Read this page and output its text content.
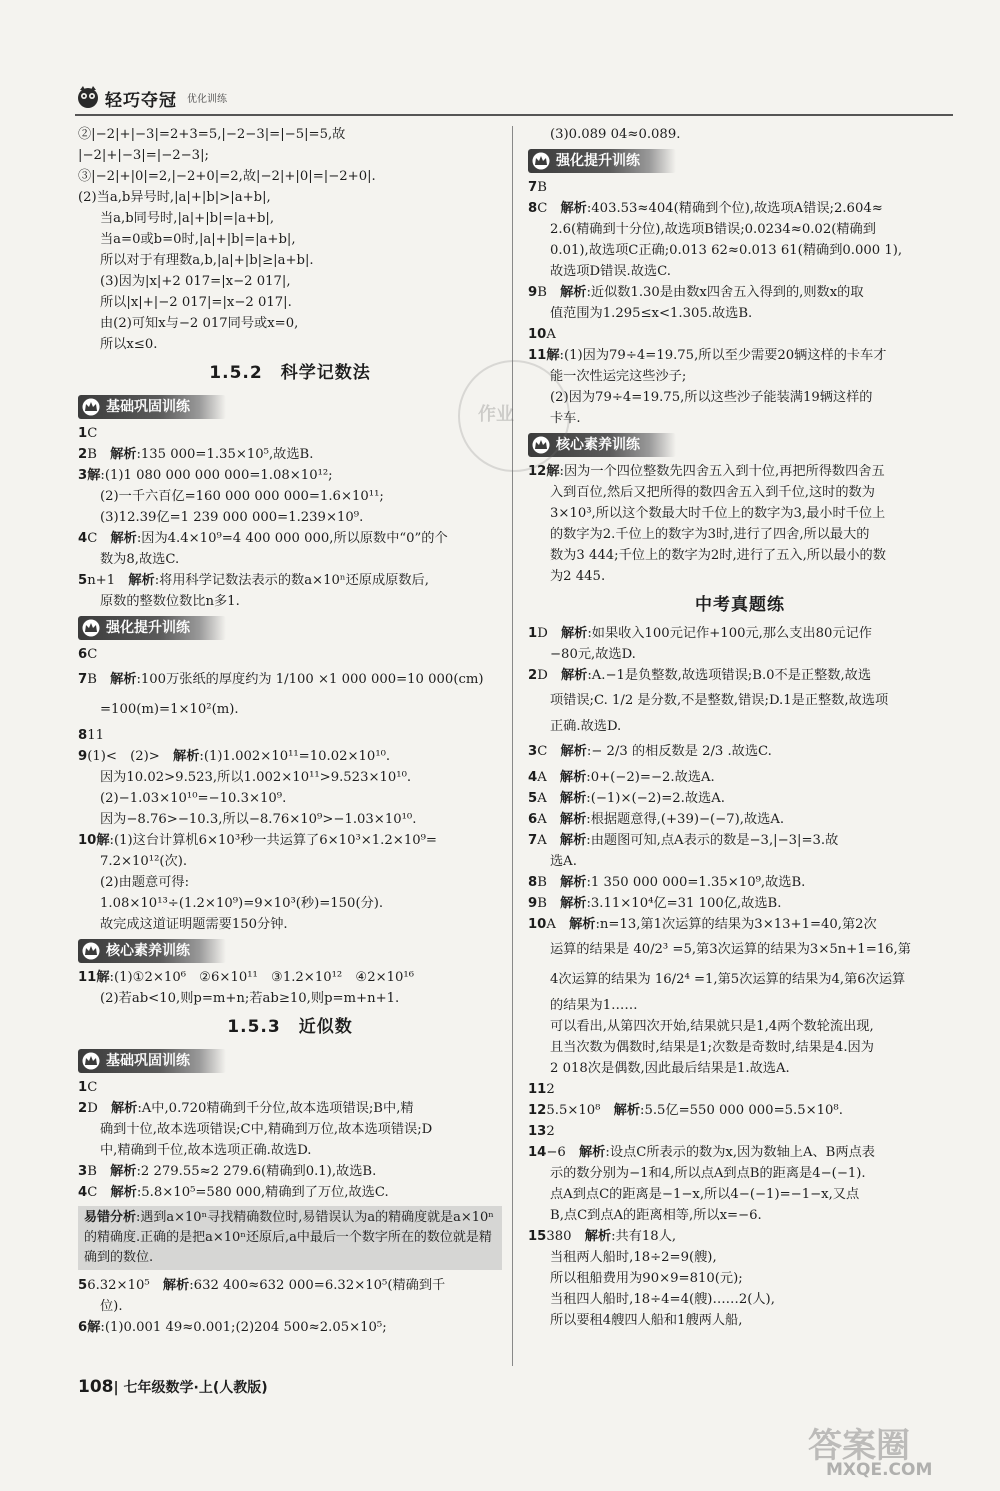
轻巧夺冠 优化训练
②|−2|+|−3|=2+3=5,|−2−3|=|−5|=5,故
|−2|+|−3|=|−2−3|;
③|−2|+|0|=2,|−2+0|=2,故|−2|+|0|=|−2+0|.
(2)当a,b异号时,|a|+|b|>|a+b|,
当a,b同号时,|a|+|b|=|a+b|,
当a=0或b=0时,|a|+|b|=|a+b|,
所以对于有理数a,b,|a|+|b|≥|a+b|.
(3)因为|x|+2 017=|x−2 017|,
所以|x|+|−2 017|=|x−2 017|.
由(2)可知x与−2 017同号或x=0,
所以x≤0.
1.5.2　科学记数法
基础巩固训练
1C
2B　解析:135 000=1.35×10⁵,故选B.
3解:(1)1 080 000 000 000=1.08×10¹²;
(2)一千六百亿=160 000 000 000=1.6×10¹¹;
(3)12.39亿=1 239 000 000=1.239×10⁹.
4C　解析:因为4.4×10⁹=4 400 000 000,所以原数中“0”的个
数为8,故选C.
5n+1　解析:将用科学记数法表示的数a×10ⁿ还原成原数后,
原数的整数位数比n多1.
强化提升训练
6C
7B　解析:100万张纸的厚度约为 1/100 ×1 000 000=10 000(cm)
=100(m)=1×10²(m).
811
9(1)<　(2)>　解析:(1)1.002×10¹¹=10.02×10¹⁰.
因为10.02>9.523,所以1.002×10¹¹>9.523×10¹⁰.
(2)−1.03×10¹⁰=−10.3×10⁹.
因为−8.76>−10.3,所以−8.76×10⁹>−1.03×10¹⁰.
10解:(1)这台计算机6×10³秒一共运算了6×10³×1.2×10⁹=
7.2×10¹²(次).
(2)由题意可得:
1.08×10¹³÷(1.2×10⁹)=9×10³(秒)=150(分).
故完成这道证明题需要150分钟.
核心素养训练
11解:(1)①2×10⁶　②6×10¹¹　③1.2×10¹²　④2×10¹⁶
(2)若ab<10,则p=m+n;若ab≥10,则p=m+n+1.
1.5.3　近似数
基础巩固训练
1C
2D　解析:A中,0.720精确到千分位,故本选项错误;B中,精
确到十位,故本选项错误;C中,精确到万位,故本选项错误;D
中,精确到千位,故本选项正确.故选D.
3B　解析:2 279.55≈2 279.6(精确到0.1),故选B.
4C　解析:5.8×10⁵=580 000,精确到了万位,故选C.
易错分析:遇到a×10ⁿ寻找精确数位时,易错误认为a的精确度就是a×10ⁿ的精确度.正确的是把a×10ⁿ还原后,a中最后一个数字所在的数位就是精确到的数位.
56.32×10⁵　解析:632 400≈632 000=6.32×10⁵(精确到千
位).
6解:(1)0.001 49≈0.001;(2)204 500≈2.05×10⁵;
(3)0.089 04≈0.089.
强化提升训练
7B
8C　解析:403.53≈404(精确到个位),故选项A错误;2.604≈
2.6(精确到十分位),故选项B错误;0.0234≈0.02(精确到
0.01),故选项C正确;0.013 62≈0.013 61(精确到0.000 1),
故选项D错误.故选C.
9B　解析:近似数1.30是由数x四舍五入得到的,则数x的取
值范围为1.295≤x<1.305.故选B.
10A
11解:(1)因为79÷4=19.75,所以至少需要20辆这样的卡车才
能一次性运完这些沙子;
(2)因为79÷4=19.75,所以这些沙子能装满19辆这样的
卡车.
核心素养训练
12解:因为一个四位整数先四舍五入到十位,再把所得数四舍五
入到百位,然后又把所得的数四舍五入到千位,这时的数为
3×10³,所以这个数最大时千位上的数字为3,最小时千位上
的数字为2.千位上的数字为3时,进行了四舍,所以最大的
数为3 444;千位上的数字为2时,进行了五入,所以最小的数
为2 445.
中考真题练
1D　解析:如果收入100元记作+100元,那么支出80元记作
−80元,故选D.
2D　解析:A.−1是负整数,故选项错误;B.0不是正整数,故选
项错误;C. 1/2 是分数,不是整数,错误;D.1是正整数,故选项
正确.故选D.
3C　解析:− 2/3 的相反数是 2/3 .故选C.
4A　解析:0+(−2)=−2.故选A.
5A　解析:(−1)×(−2)=2.故选A.
6A　解析:根据题意得,(+39)−(−7),故选A.
7A　解析:由题图可知,点A表示的数是−3,|−3|=3.故
选A.
8B　解析:1 350 000 000=1.35×10⁹,故选B.
9B　解析:3.11×10⁴亿=31 100亿,故选B.
10A　解析:n=13,第1次运算的结果为3×13+1=40,第2次
运算的结果是 40/2³ =5,第3次运算的结果为3×5n+1=16,第
4次运算的结果为 16/2⁴ =1,第5次运算的结果为4,第6次运算
的结果为1……
可以看出,从第四次开始,结果就只是1,4两个数轮流出现,
且当次数为偶数时,结果是1;次数是奇数时,结果是4.因为
2 018次是偶数,因此最后结果是1.故选A.
112
125.5×10⁸　解析:5.5亿=550 000 000=5.5×10⁸.
132
14−6　解析:设点C所表示的数为x,因为数轴上A、B两点表
示的数分别为−1和4,所以点A到点B的距离是4−(−1).
点A到点C的距离是−1−x,所以4−(−1)=−1−x,又点
B,点C到点A的距离相等,所以x=−6.
15380　解析:共有18人,
当租两人船时,18÷2=9(艘),
所以租船费用为90×9=810(元);
当租四人船时,18÷4=4(艘)……2(人),
所以要租4艘四人船和1艘两人船,
作业
108| 七年级数学·上(人教版)
答案圈
MXQE.COM
